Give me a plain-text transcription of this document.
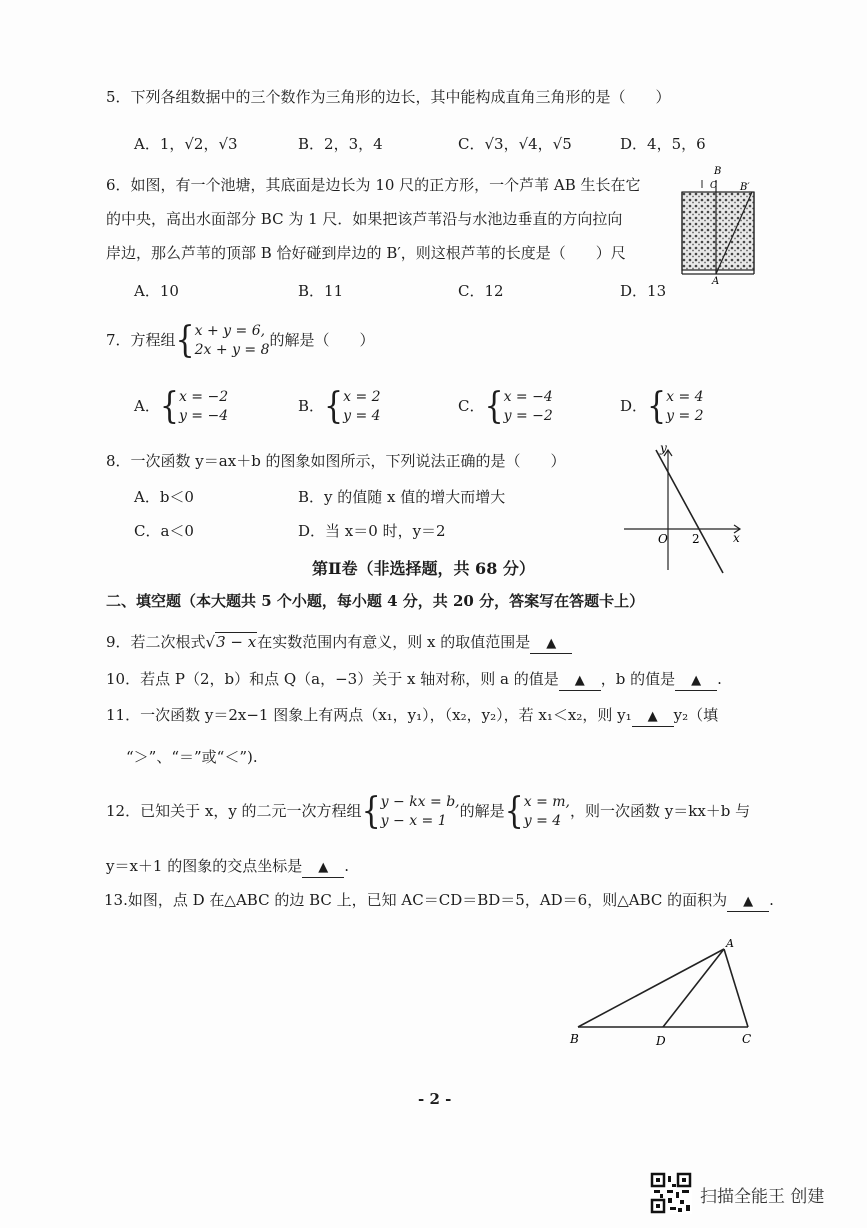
5．下列各组数据中的三个数作为三角形的边长，其中能构成直角三角形的是（　　）
A．1，√2，√3	B．2，3，4	C．√3，√4，√5	D．4，5，6
6．如图，有一个池塘，其底面是边长为 10 尺的正方形，一个芦苇 AB 生长在它
的中央，高出水面部分 BC 为 1 尺．如果把该芦苇沿与水池边垂直的方向拉向
岸边，那么芦苇的顶部 B 恰好碰到岸边的 B′，则这根芦苇的长度是（　　）尺
A．10	B．11	C．12	D．13
B
C B′
A
7．方程组{x + y = 6,
2x + y = 8的解是（　　）
A．{x = −2
y = −4
B．{x = 2
y = 4
C．{x = −4
y = −2
D．{x = 4
y = 2
8．一次函数 y＝ax＋b 的图象如图所示，下列说法正确的是（　　）
A．b＜0	B．y 的值随 x 值的增大而增大
C．a＜0	D．当 x＝0 时，y＝2
y
O 2	x
第Ⅱ卷（非选择题，共 68 分）
二、填空题（本大题共 5 个小题，每小题 4 分，共 20 分，答案写在答题卡上）
9．若二次根式√3 − x在实数范围内有意义，则 x 的取值范围是 ▲
10．若点 P（2，b）和点 Q（a，−3）关于 x 轴对称，则 a 的值是 ▲ ，b 的值是 ▲ .
11．一次函数 y＝2x−1 图象上有两点（x₁，y₁），（x₂，y₂），若 x₁＜x₂，则 y₁ ▲ y₂（填
“＞”、“＝”或“＜”).
12．已知关于 x，y 的二元一次方程组{y − kx = b,
y − x = 1的解是{x = m,
y = 4，则一次函数 y＝kx＋b 与
y＝x＋1 的图象的交点坐标是 ▲ .
13.如图，点 D 在△ABC 的边 BC 上，已知 AC＝CD＝BD＝5，AD＝6，则△ABC 的面积为 ▲ .
A
B	D	C
- 2 -
扫描全能王 创建
